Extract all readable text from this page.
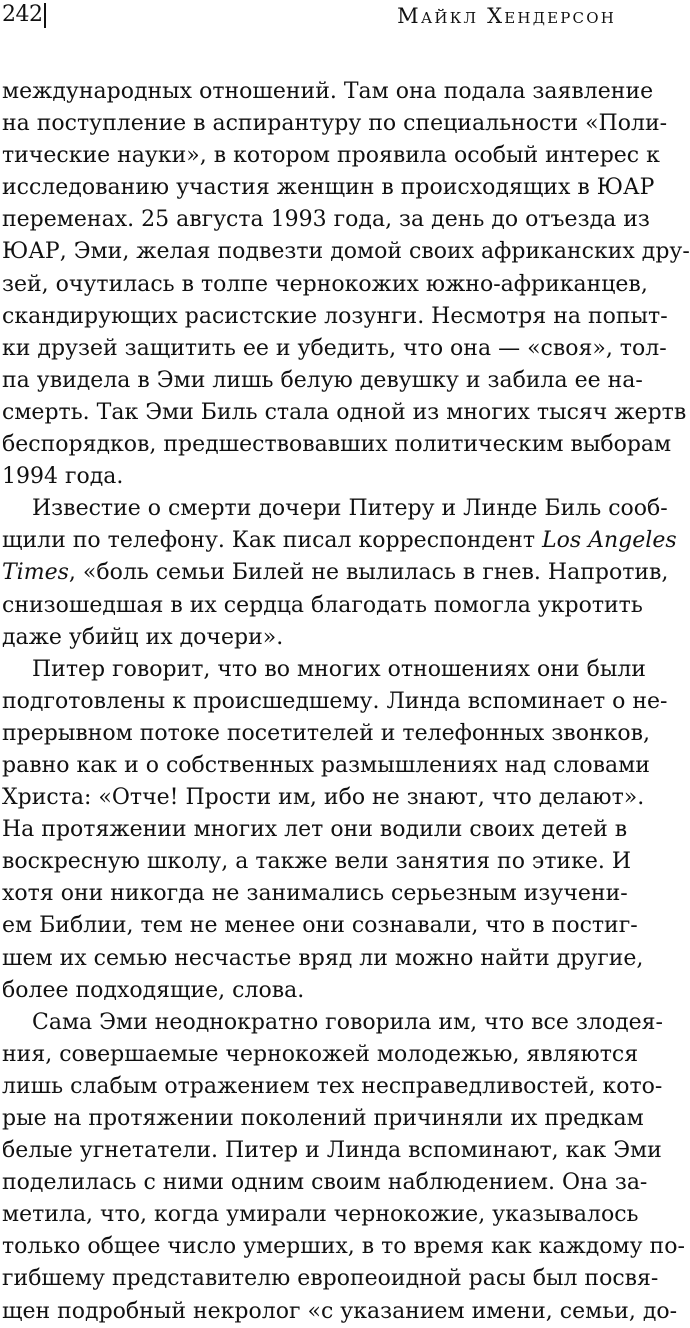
242	Майкл Хендерсон
международных отношений. Там она подала заявление
на поступление в аспирантуру по специальности «Поли-
тические науки», в котором проявила особый интерес к
исследованию участия женщин в происходящих в ЮАР
переменах. 25 августа 1993 года, за день до отъезда из
ЮАР, Эми, желая подвезти домой своих африканских дру-
зей, очутилась в толпе чернокожих южно-африканцев,
скандирующих расистские лозунги. Несмотря на попыт-
ки друзей защитить ее и убедить, что она — «своя», тол-
па увидела в Эми лишь белую девушку и забила ее на-
смерть. Так Эми Биль стала одной из многих тысяч жертв
беспорядков, предшествовавших политическим выборам
1994 года.
Известие о смерти дочери Питеру и Линде Биль сооб-
щили по телефону. Как писал корреспондент Los Angeles
Times, «боль семьи Билей не вылилась в гнев. Напротив,
снизошедшая в их сердца благодать помогла укротить
даже убийц их дочери».
Питер говорит, что во многих отношениях они были
подготовлены к происшедшему. Линда вспоминает о не-
прерывном потоке посетителей и телефонных звонков,
равно как и о собственных размышлениях над словами
Христа: «Отче! Прости им, ибо не знают, что делают».
На протяжении многих лет они водили своих детей в
воскресную школу, а также вели занятия по этике. И
хотя они никогда не занимались серьезным изучени-
ем Библии, тем не менее они сознавали, что в постиг-
шем их семью несчастье вряд ли можно найти другие,
более подходящие, слова.
Сама Эми неоднократно говорила им, что все злодея-
ния, совершаемые чернокожей молодежью, являются
лишь слабым отражением тех несправедливостей, кото-
рые на протяжении поколений причиняли их предкам
белые угнетатели. Питер и Линда вспоминают, как Эми
поделилась с ними одним своим наблюдением. Она за-
метила, что, когда умирали чернокожие, указывалось
только общее число умерших, в то время как каждому по-
гибшему представителю европеоидной расы был посвя-
щен подробный некролог «с указанием имени, семьи, до-
